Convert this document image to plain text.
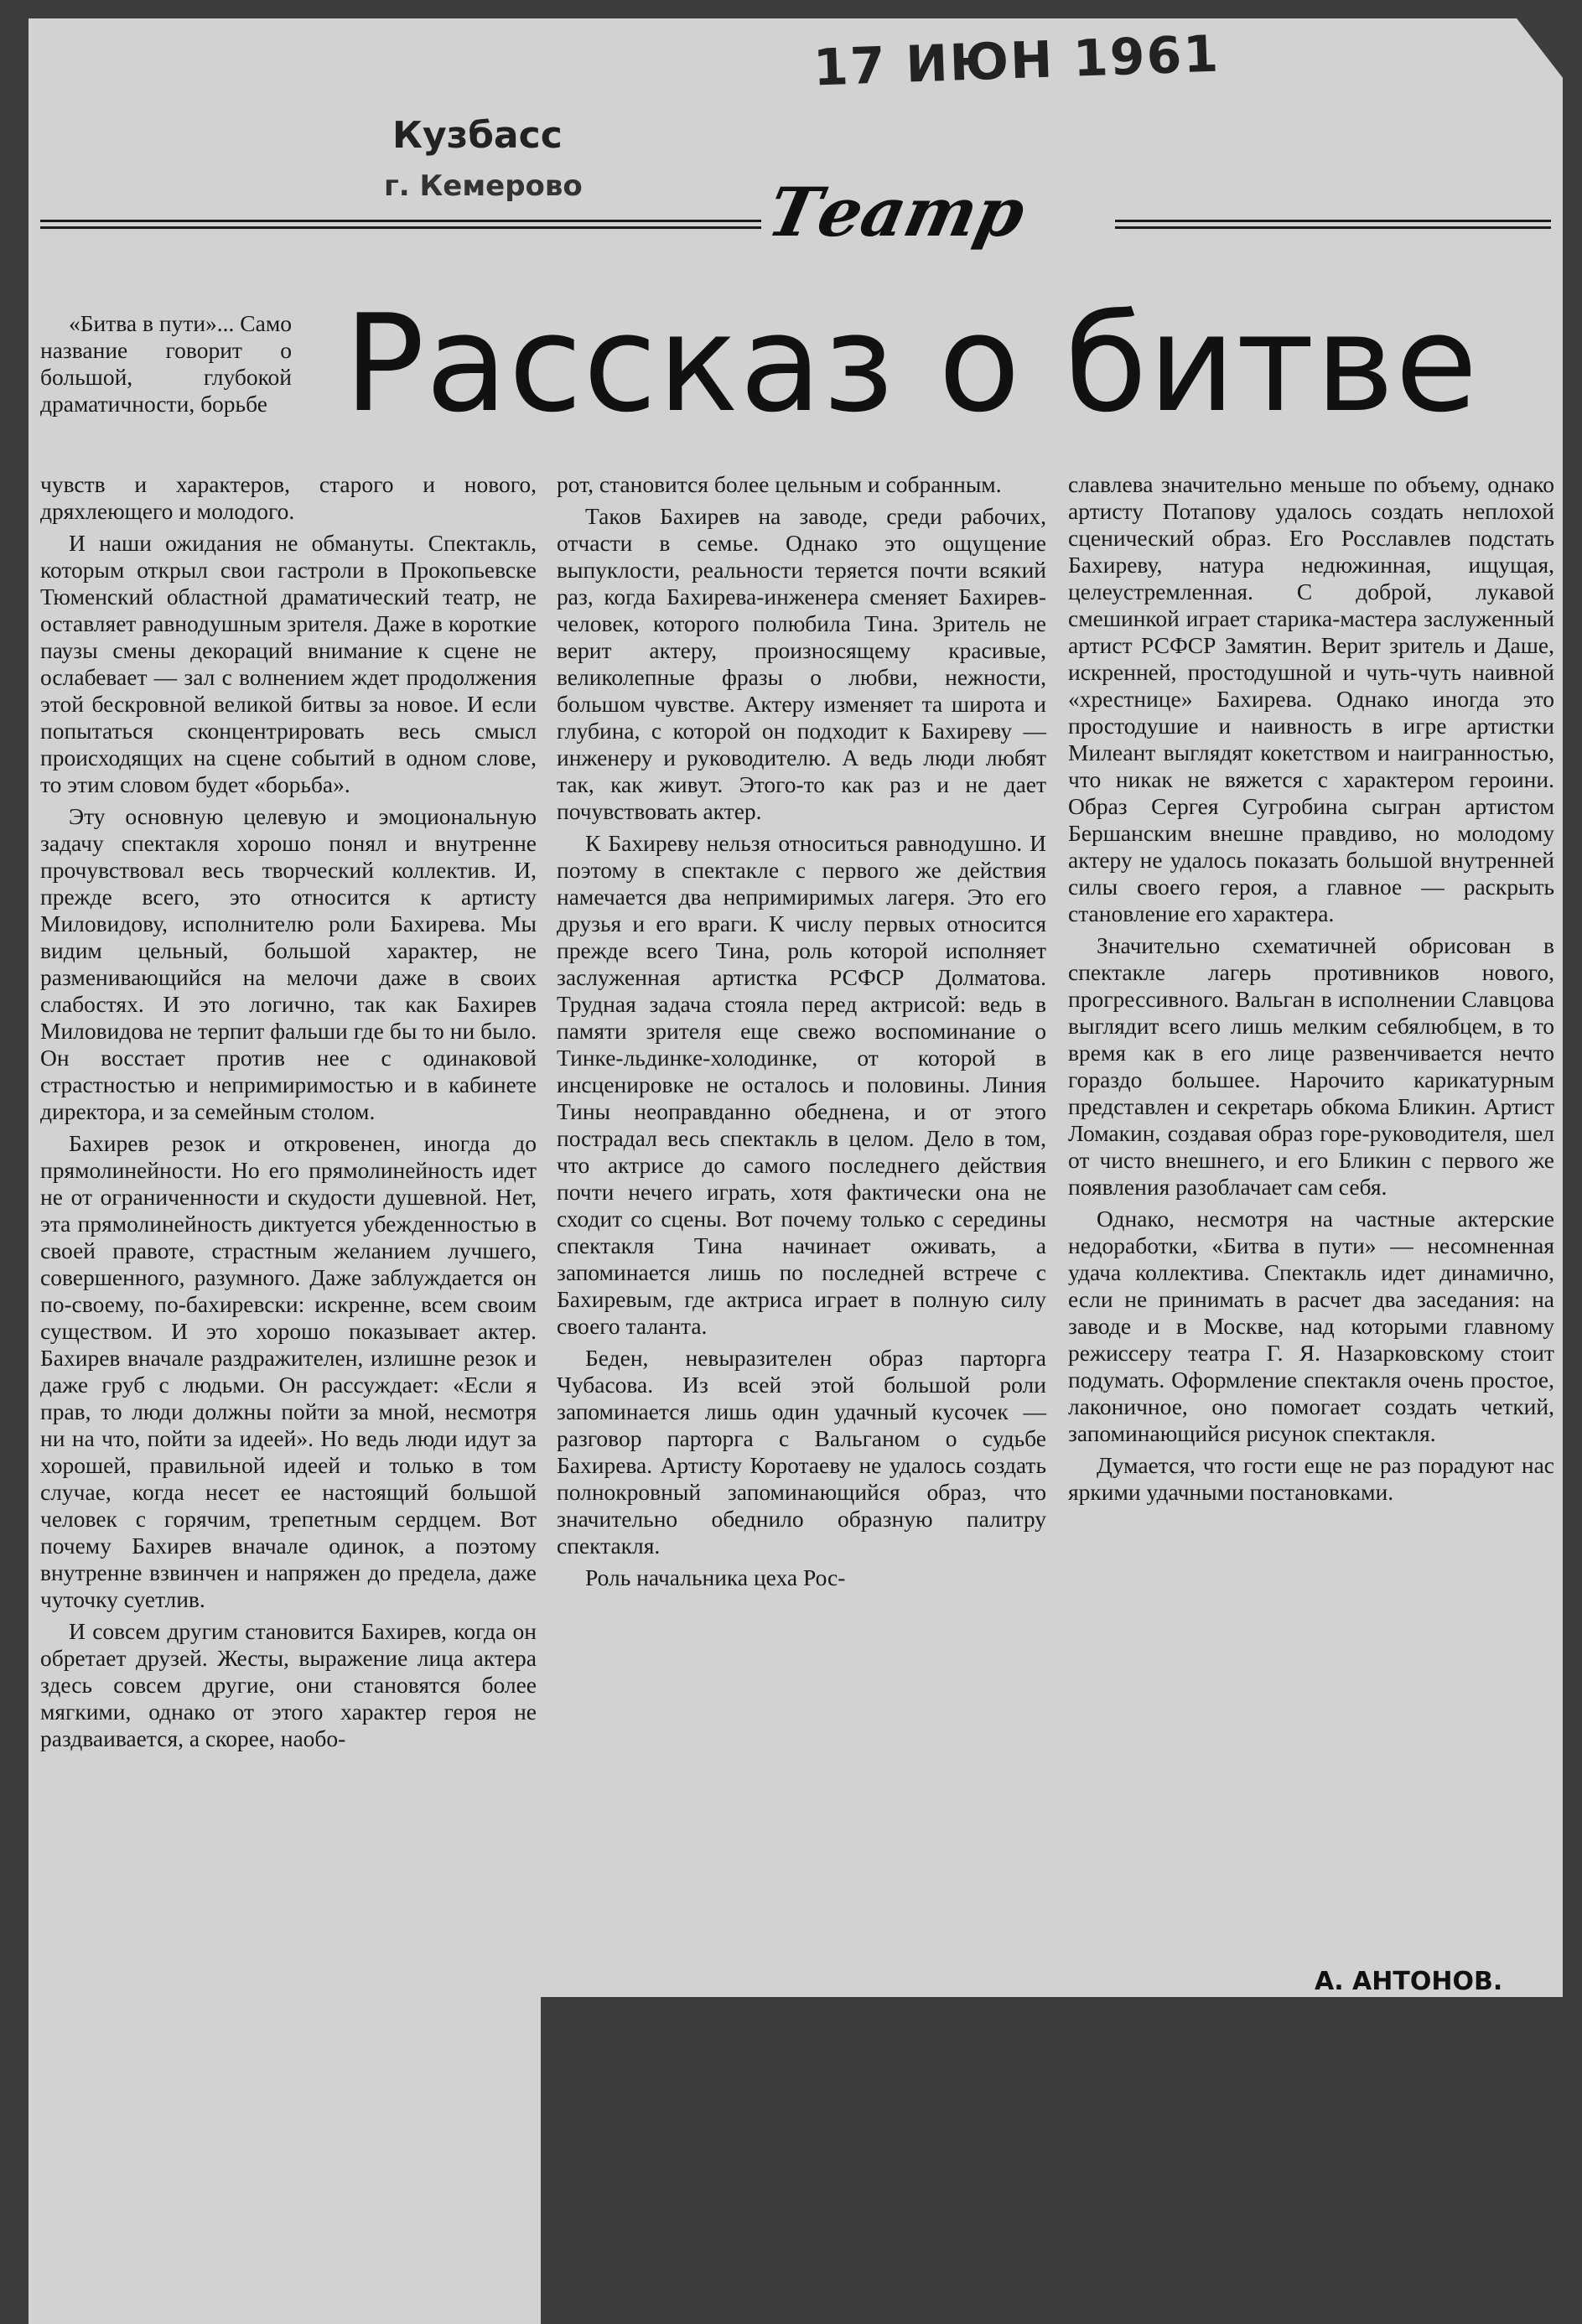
17 ИЮН 1961
Кузбасс
г. Кемерово	Театр
Рассказ о битве

«Битва в пути»... Само название говорит о большой, глубокой драматичности, борьбе

чувств и характеров, старого и нового, дряхлеющего и молодого.

И наши ожидания не обмануты. Спектакль, которым открыл свои гастроли в Прокопьевске Тюменский областной драматический театр, не оставляет равнодушным зрителя. Даже в короткие паузы смены декораций внимание к сцене не ослабевает — зал с волнением ждет продолжения этой бескровной великой битвы за новое. И если попытаться сконцентрировать весь смысл происходящих на сцене событий в одном слове, то этим словом будет «борьба».

Эту основную целевую и эмоциональную задачу спектакля хорошо понял и внутренне прочувствовал весь творческий коллектив. И, прежде всего, это относится к артисту Миловидову, исполнителю роли Бахирева. Мы видим цельный, большой характер, не разменивающийся на мелочи даже в своих слабостях. И это логично, так как Бахирев Миловидова не терпит фальши где бы то ни было. Он восстает против нее с одинаковой страстностью и непримиримостью и в кабинете директора, и за семейным столом.

Бахирев резок и откровенен, иногда до прямолинейности. Но его прямолинейность идет не от ограниченности и скудости душевной. Нет, эта прямолинейность диктуется убежденностью в своей правоте, страстным желанием лучшего, совершенного, разумного. Даже заблуждается он по-своему, по-бахиревски: искренне, всем своим существом. И это хорошо показывает актер. Бахирев вначале раздражителен, излишне резок и даже груб с людьми. Он рассуждает: «Если я прав, то люди должны пойти за мной, несмотря ни на что, пойти за идеей». Но ведь люди идут за хорошей, правильной идеей и только в том случае, когда несет ее настоящий большой человек с горячим, трепетным сердцем. Вот почему Бахирев вначале одинок, а поэтому внутренне взвинчен и напряжен до предела, даже чуточку суетлив.

И совсем другим становится Бахирев, когда он обретает друзей. Жесты, выражение лица актера здесь совсем другие, они становятся более мягкими, однако от этого характер героя не раздваивается, а скорее, наобо-

рот, становится более цельным и собранным.

Таков Бахирев на заводе, среди рабочих, отчасти в семье. Однако это ощущение выпуклости, реальности теряется почти всякий раз, когда Бахирева-инженера сменяет Бахирев-человек, которого полюбила Тина. Зритель не верит актеру, произносящему красивые, великолепные фразы о любви, нежности, большом чувстве. Актеру изменяет та широта и глубина, с которой он подходит к Бахиреву — инженеру и руководителю. А ведь люди любят так, как живут. Этого-то как раз и не дает почувствовать актер.

К Бахиреву нельзя относиться равнодушно. И поэтому в спектакле с первого же действия намечается два непримиримых лагеря. Это его друзья и его враги. К числу первых относится прежде всего Тина, роль которой исполняет заслуженная артистка РСФСР Долматова. Трудная задача стояла перед актрисой: ведь в памяти зрителя еще свежо воспоминание о Тинке-льдинке-холодинке, от которой в инсценировке не осталось и половины. Линия Тины неоправданно обеднена, и от этого пострадал весь спектакль в целом. Дело в том, что актрисе до самого последнего действия почти нечего играть, хотя фактически она не сходит со сцены. Вот почему только с середины спектакля Тина начинает оживать, а запоминается лишь по последней встрече с Бахиревым, где актриса играет в полную силу своего таланта.

Беден, невыразителен образ парторга Чубасова. Из всей этой большой роли запоминается лишь один удачный кусочек — разговор парторга с Вальганом о судьбе Бахирева. Артисту Коротаеву не удалось создать полнокровный запоминающийся образ, что значительно обеднило образную палитру спектакля.

Роль начальника цеха Рос-

славлева значительно меньше по объему, однако артисту Потапову удалось создать неплохой сценический образ. Его Росславлев подстать Бахиреву, натура недюжинная, ищущая, целеустремленная. С доброй, лукавой смешинкой играет старика-мастера заслуженный артист РСФСР Замятин. Верит зритель и Даше, искренней, простодушной и чуть-чуть наивной «хрестнице» Бахирева. Однако иногда это простодушие и наивность в игре артистки Милеант выглядят кокетством и наигранностью, что никак не вяжется с характером героини. Образ Сергея Сугробина сыгран артистом Бершанским внешне правдиво, но молодому актеру не удалось показать большой внутренней силы своего героя, а главное — раскрыть становление его характера.

Значительно схематичней обрисован в спектакле лагерь противников нового, прогрессивного. Вальган в исполнении Славцова выглядит всего лишь мелким себялюбцем, в то время как в его лице развенчивается нечто гораздо большее. Нарочито карикатурным представлен и секретарь обкома Бликин. Артист Ломакин, создавая образ горе-руководителя, шел от чисто внешнего, и его Бликин с первого же появления разоблачает сам себя.

Однако, несмотря на частные актерские недоработки, «Битва в пути» — несомненная удача коллектива. Спектакль идет динамично, если не принимать в расчет два заседания: на заводе и в Москве, над которыми главному режиссеру театра Г. Я. Назарковскому стоит подумать. Оформление спектакля очень простое, лаконичное, оно помогает создать четкий, запоминающийся рисунок спектакля.

Думается, что гости еще не раз порадуют нас яркими удачными постановками.

А. АНТОНОВ.
